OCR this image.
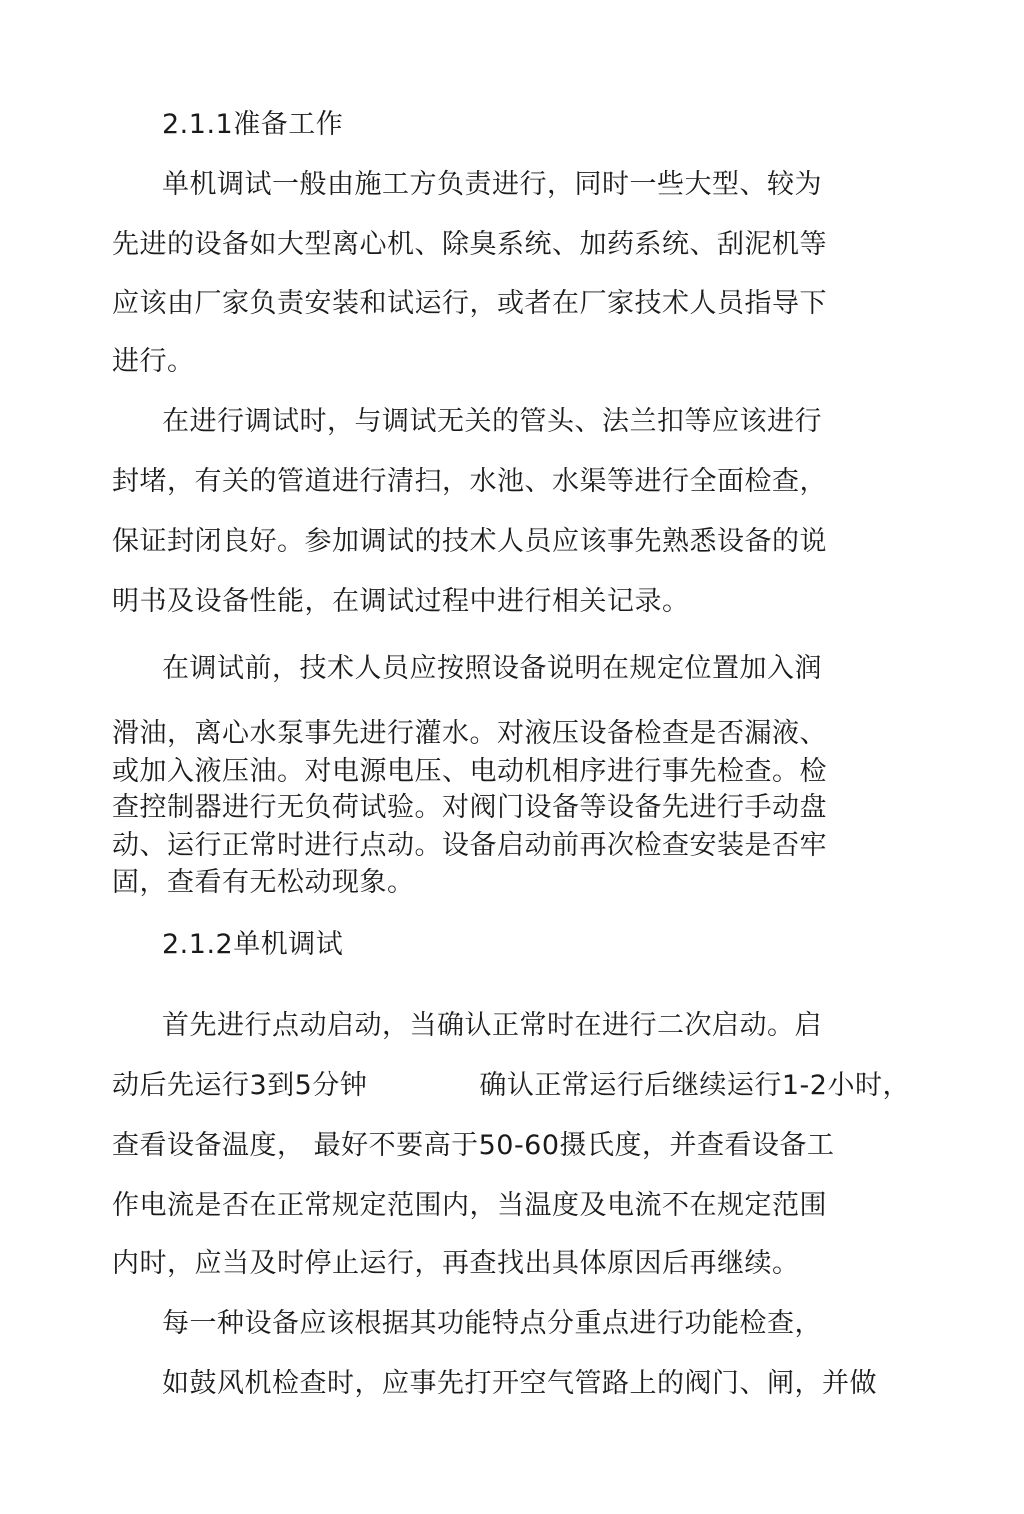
2.1.1准备工作
单机调试一般由施工方负责进行，同时一些大型、较为
先进的设备如大型离心机、除臭系统、加药系统、刮泥机等
应该由厂家负责安装和试运行，或者在厂家技术人员指导下
进行。
在进行调试时，与调试无关的管头、法兰扣等应该进行
封堵，有关的管道进行清扫，水池、水渠等进行全面检查，
保证封闭良好。参加调试的技术人员应该事先熟悉设备的说
明书及设备性能，在调试过程中进行相关记录。
在调试前，技术人员应按照设备说明在规定位置加入润
滑油，离心水泵事先进行灌水。对液压设备检查是否漏液、
或加入液压油。对电源电压、电动机相序进行事先检查。检
查控制器进行无负荷试验。对阀门设备等设备先进行手动盘
动、运行正常时进行点动。设备启动前再次检查安装是否牢
固，查看有无松动现象。
2.1.2单机调试
首先进行点动启动，当确认正常时在进行二次启动。启
动后先运行3到5分钟	确认正常运行后继续运行1-2小时，
查看设备温度， 最好不要高于50-60摄氏度，并查看设备工
作电流是否在正常规定范围内，当温度及电流不在规定范围
内时，应当及时停止运行，再查找出具体原因后再继续。
每一种设备应该根据其功能特点分重点进行功能检查，
如鼓风机检查时，应事先打开空气管路上的阀门、闸，并做
